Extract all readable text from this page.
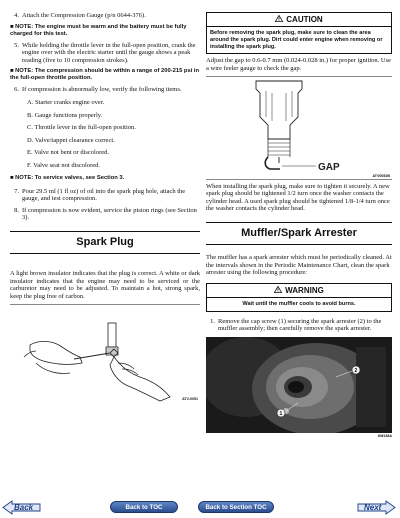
4. Attach the Compression Gauge (p/n 0644-376).
■ NOTE: The engine must be warm and the battery must be fully charged for this test.
5. While holding the throttle lever in the full-open position, crank the engine over with the electric starter until the gauge shows a peak reading (five to 10 compression strokes).
■ NOTE: The compression should be within a range of 200-215 psi in the full-open throttle position.
6. If compression is abnormally low, verify the following items.
A. Starter cranks engine over.
B. Gauge functions properly.
C. Throttle lever in the full-open position.
D. Valve/tappet clearance correct.
E. Valve not bent or discolored.
F. Valve seat not discolored.
■ NOTE: To service valves, see Section 3.
7. Pour 29.5 ml (1 fl oz) of oil into the spark plug hole, attach the gauge, and test compression.
8. If compression is now evident, service the piston rings (see Section 3).
Spark Plug
A light brown insulator indicates that the plug is correct. A white or dark insulator indicates that the engine may need to be serviced or the carburetor may need to be adjusted. To maintain a hot, strong spark, keep the plug free of carbon.
ATV-0051
CAUTION
Before removing the spark plug, make sure to clean the area around the spark plug. Dirt could enter engine when removing or installing the spark plug.
Adjust the gap to 0.6-0.7 mm (0.024-0.028 in.) for proper ignition. Use a wire feeler gauge to check the gap.
GAP
ATV0052B
When installing the spark plug, make sure to tighten it securely. A new spark plug should be tightened 1/2 turn once the washer contacts the cylinder head. A used spark plug should be tightened 1/8-1/4 turn once the washer contacts the cylinder head.
Muffler/Spark Arrester
The muffler has a spark arrester which must be periodically cleaned. At the intervals shown in the Periodic Maintenance Chart, clean the spark arrester using the following procedure:
WARNING
Wait until the muffler cools to avoid burns.
1. Remove the cap screw (1) securing the spark arrester (2) to the muffler assembly; then carefully remove the spark arrester.
1
2
KM138A
Back	Back to TOC	Back to Section TOC	Next
